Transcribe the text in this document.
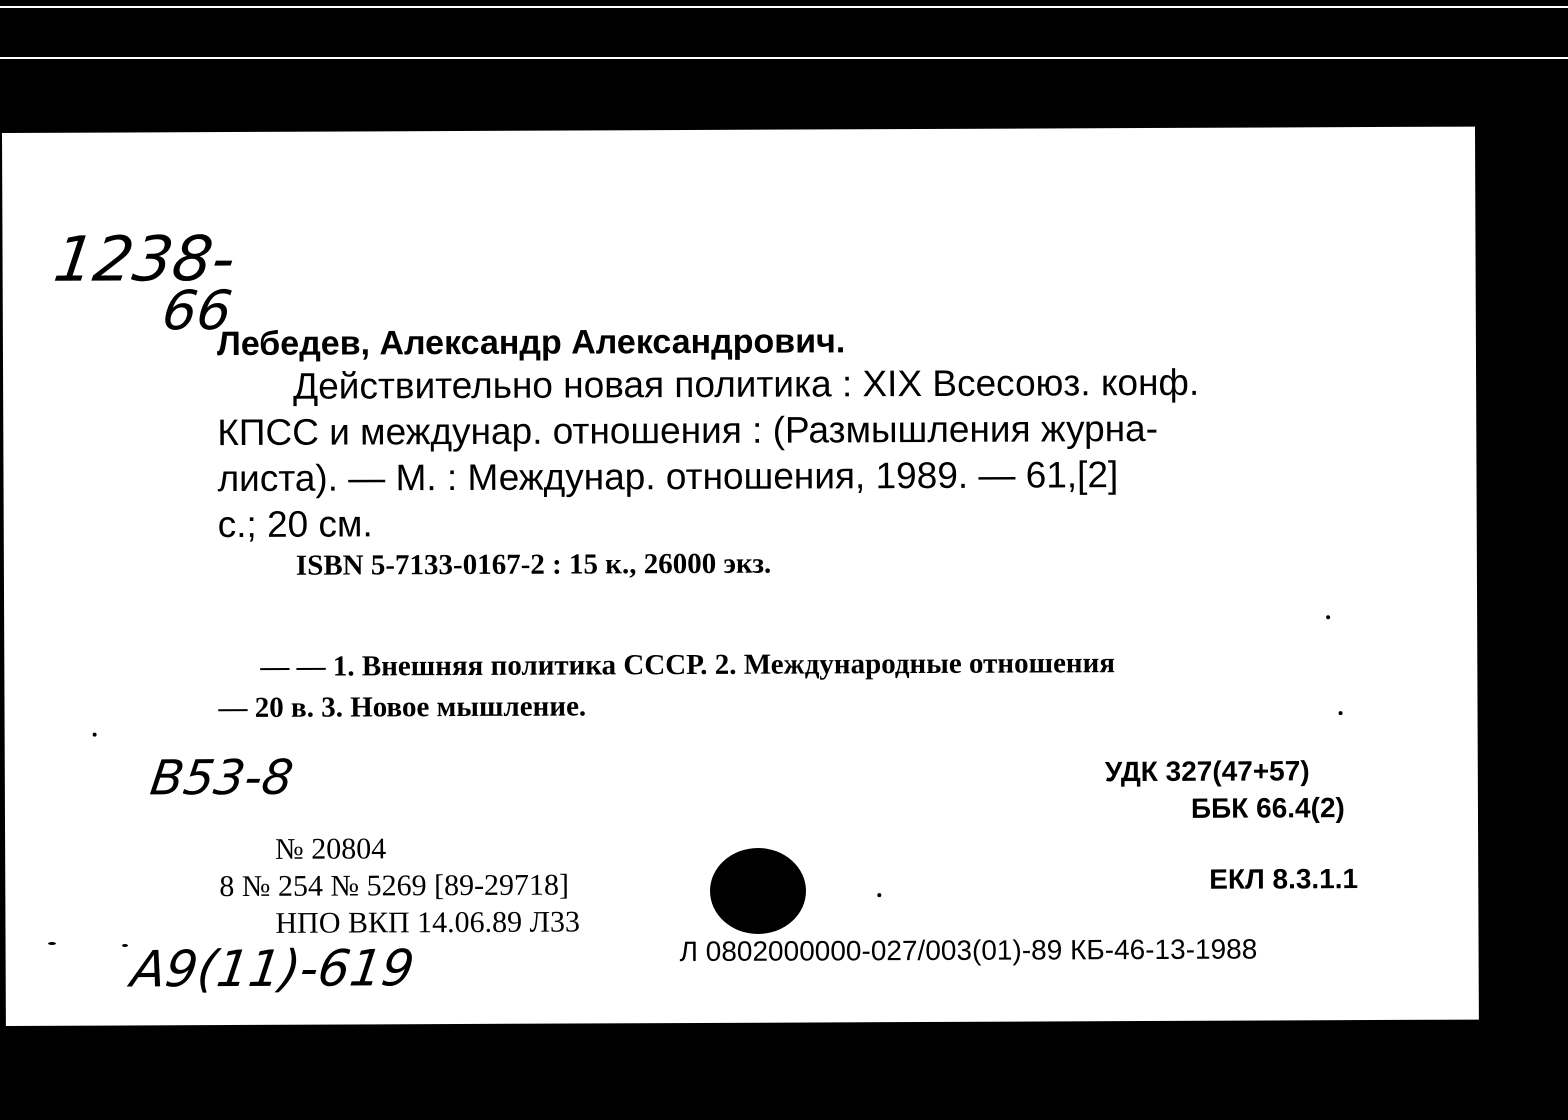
1238-
66
Лебедев, Александр Александрович.
Действительно новая политика : XIX Всесоюз. конф.
КПСС и междунар. отношения : (Размышления журна-
листа). — М. : Междунар. отношения, 1989. — 61,[2]
с.; 20 см.
ISBN 5-7133-0167-2 : 15 к., 26000 экз.
— — 1. Внешняя политика СССР. 2. Международные отношения
— 20 в. 3. Новое мышление.
B53-8	УДК 327(47+57)
ББК 66.4(2)
№ 20804
8 № 254 № 5269 [89-29718]
НПО ВКП 14.06.89 Л33
ЕКЛ 8.3.1.1
A9(11)-619	Л 0802000000-027/003(01)-89 КБ-46-13-1988
